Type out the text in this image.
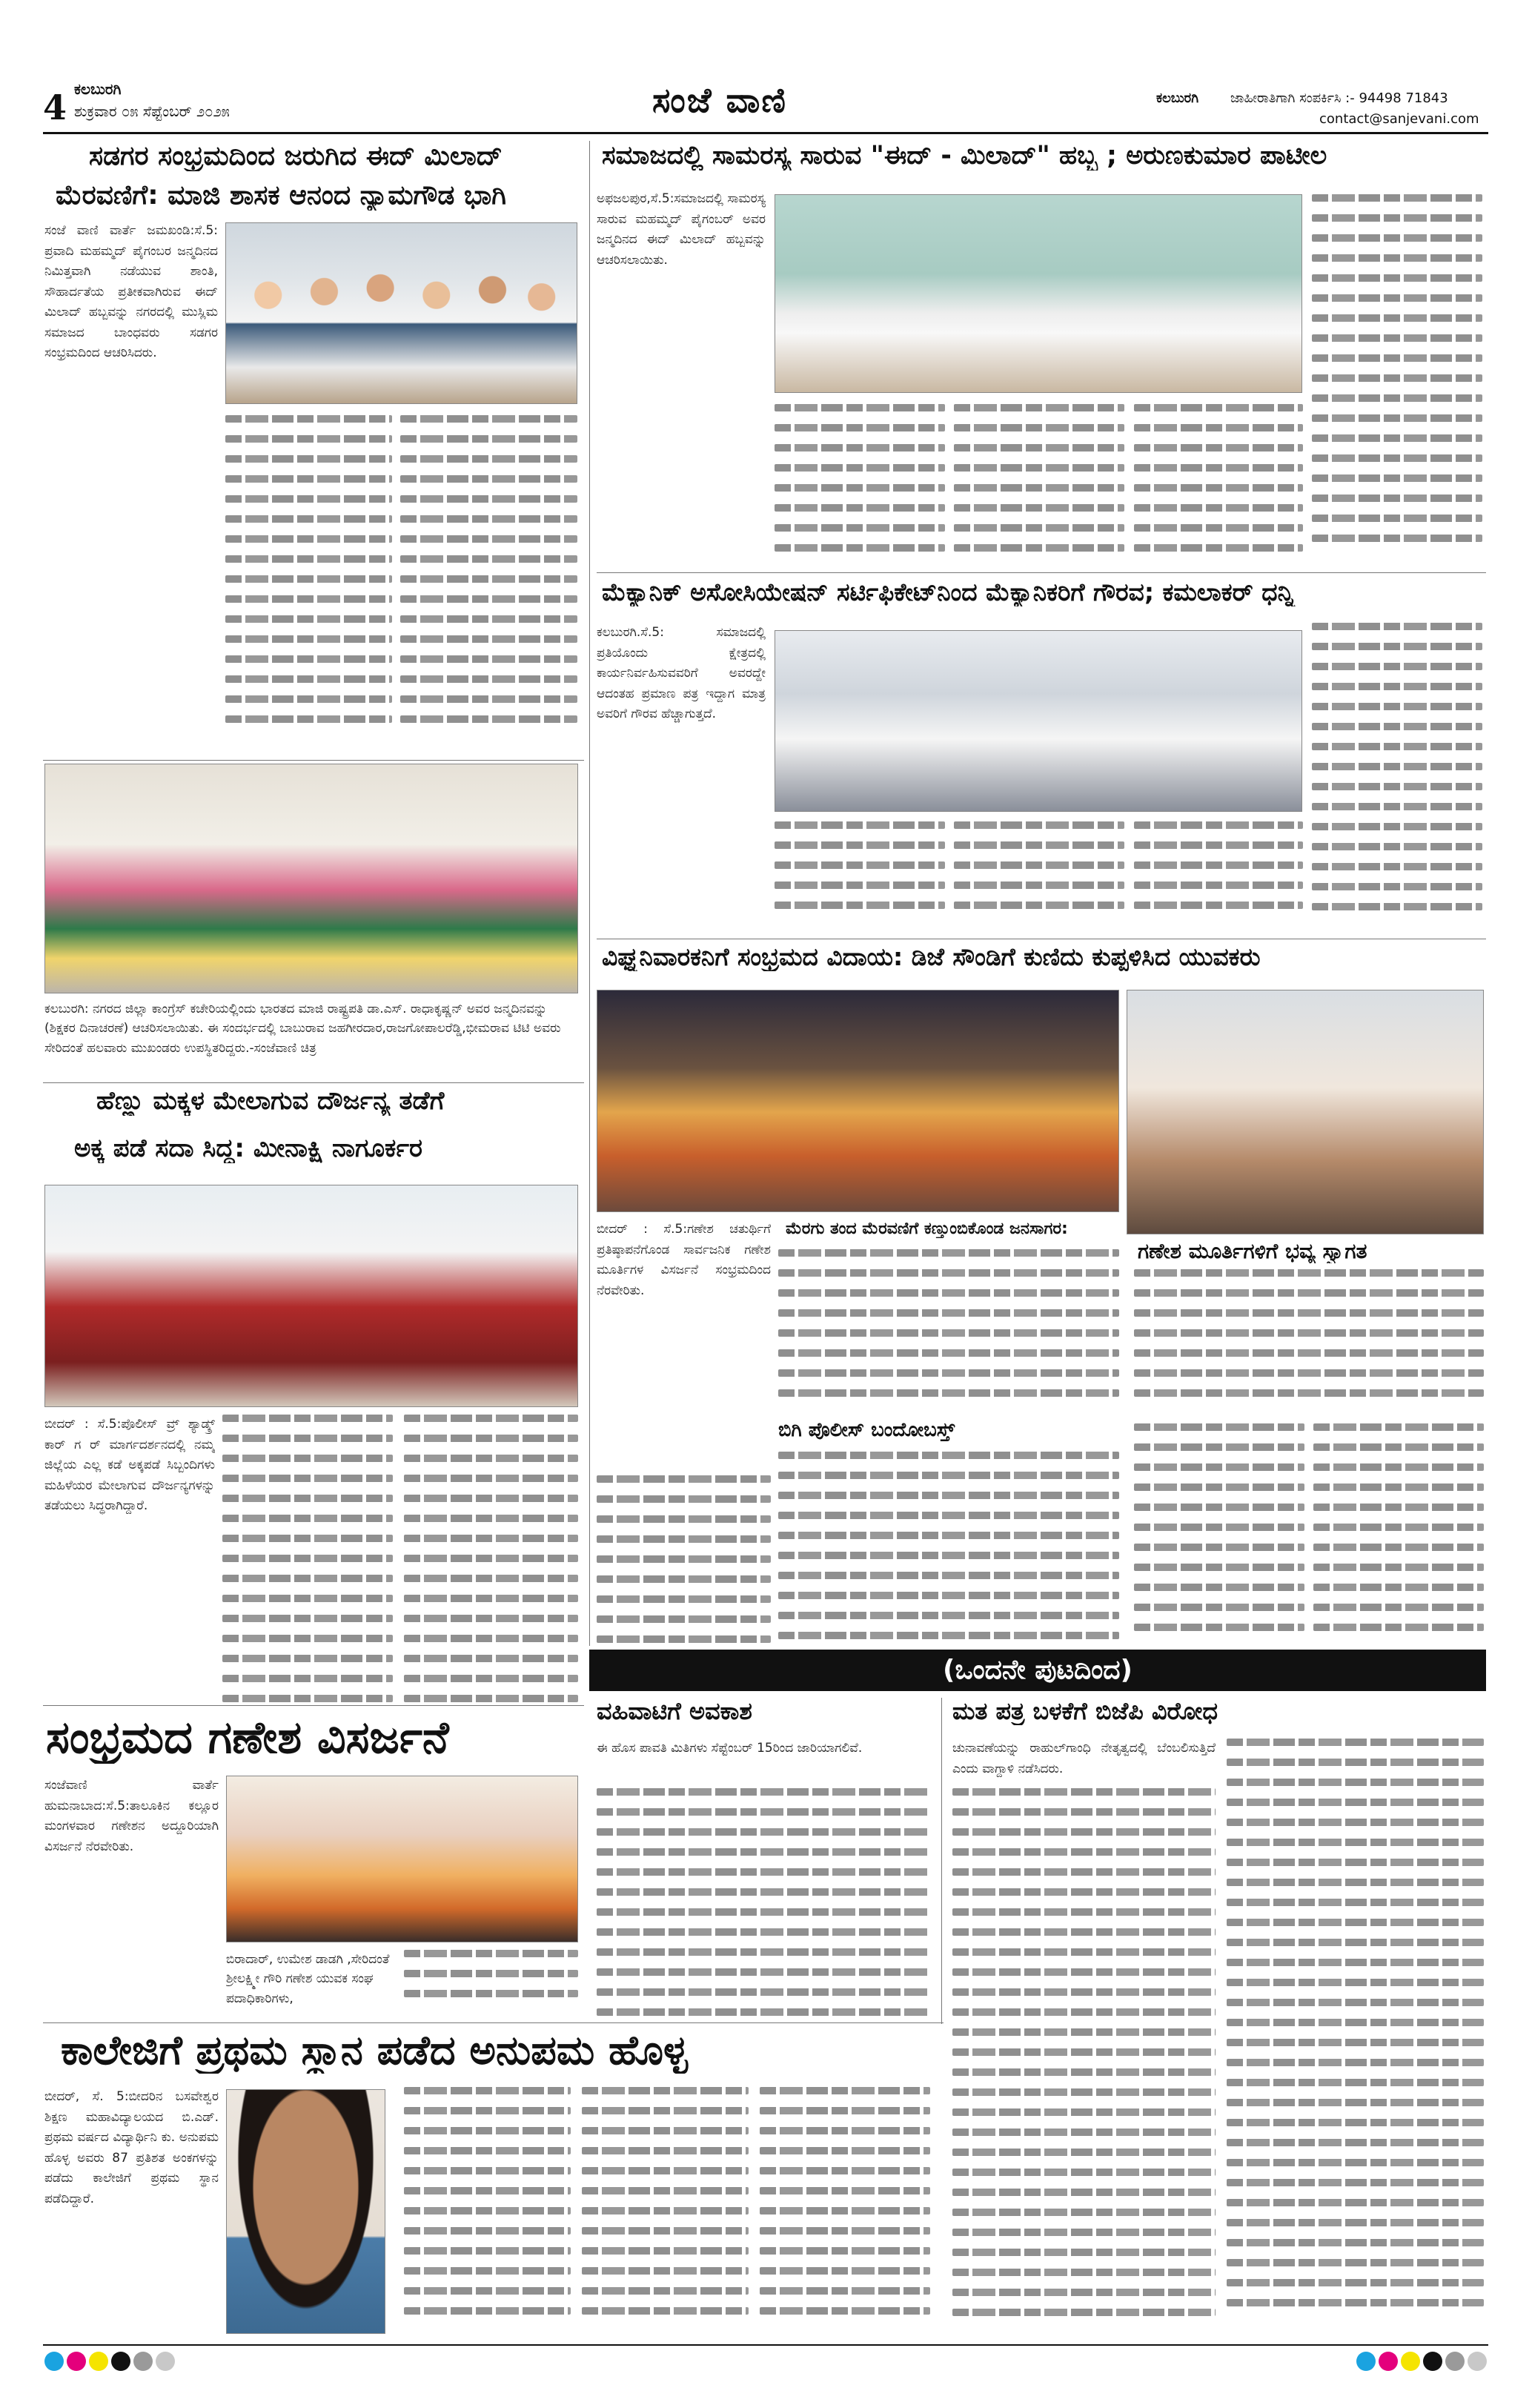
4 ಕಲಬುರಗಿ
ಶುಕ್ರವಾರ ೦೫ ಸೆಪ್ಟೆಂಬರ್ ೨೦೨೫	ಸಂಜೆ ವಾಣಿ	ಕಲಬುರಗಿ ಜಾಹೀರಾತಿಗಾಗಿ ಸಂಪರ್ಕಿಸಿ :- 94498 71843
contact@sanjevani.com
ಸಡಗರ ಸಂಭ್ರಮದಿಂದ ಜರುಗಿದ ಈದ್ ಮಿಲಾದ್
ಮೆರವಣಿಗೆ: ಮಾಜಿ ಶಾಸಕ ಆನಂದ ನ್ಯಾಮಗೌಡ ಭಾಗಿ
ಸಂಜೆ ವಾಣಿ ವಾರ್ತೆ ಜಮಖಂಡಿ:ಸೆ.5: ಪ್ರವಾದಿ ಮಹಮ್ಮದ್ ಪೈಗಂಬರ ಜನ್ಮದಿನದ ನಿಮಿತ್ತವಾಗಿ ನಡೆಯುವ ಶಾಂತಿ, ಸೌಹಾರ್ದತೆಯ ಪ್ರತೀಕವಾಗಿರುವ ಈದ್ ಮಿಲಾದ್ ಹಬ್ಬವನ್ನು ನಗರದಲ್ಲಿ ಮುಸ್ಲಿಮ ಸಮಾಜದ ಬಾಂಧವರು ಸಡಗರ ಸಂಭ್ರಮದಿಂದ ಆಚರಿಸಿದರು.
ಕಲಬುರಗಿ: ನಗರದ ಜಿಲ್ಲಾ ಕಾಂಗ್ರೆಸ್ ಕಚೇರಿಯಲ್ಲಿಂದು ಭಾರತದ ಮಾಜಿ ರಾಷ್ಟ್ರಪತಿ ಡಾ.ಎಸ್. ರಾಧಾಕೃಷ್ಣನ್ ಅವರ ಜನ್ಮದಿನವನ್ನು (ಶಿಕ್ಷಕರ ದಿನಾಚರಣೆ) ಆಚರಿಸಲಾಯಿತು. ಈ ಸಂದರ್ಭದಲ್ಲಿ ಬಾಬುರಾವ ಜಹಗೀರದಾರ,ರಾಜಗೋಪಾಲರೆಡ್ಡಿ,ಭೀಮರಾವ ಟಿಟಿ ಅವರು ಸೇರಿದಂತೆ ಹಲವಾರು ಮುಖಂಡರು ಉಪಸ್ಥಿತರಿದ್ದರು.-ಸಂಜೆವಾಣಿ ಚಿತ್ರ
ಹೆಣ್ಣು ಮಕ್ಕಳ ಮೇಲಾಗುವ ದೌರ್ಜನ್ಯ ತಡೆಗೆ
ಅಕ್ಕ ಪಡೆ ಸದಾ ಸಿದ್ದ: ಮೀನಾಕ್ಷಿ ನಾಗೂರ್ಕರ
ಬೀದರ್ : ಸೆ.5:ಪೊಲೀಸ್ ವ್ರ್ ಶ್ಯಾಡ್ಕ್ರ್ ಕಾರ್ ಗ ರ್ ಮಾರ್ಗದರ್ಶನದಲ್ಲಿ ನಮ್ಮ ಜಿಲ್ಲೆಯ ಎಲ್ಲ ಕಡೆ ಅಕ್ಕಪಡೆ ಸಿಬ್ಬಂದಿಗಳು ಮಹಿಳೆಯರ ಮೇಲಾಗುವ ದೌರ್ಜನ್ಯಗಳನ್ನು ತಡೆಯಲು ಸಿದ್ಧರಾಗಿದ್ದಾರೆ.
ಸಮಾಜದಲ್ಲಿ ಸಾಮರಸ್ಯ ಸಾರುವ "ಈದ್ - ಮಿಲಾದ್" ಹಬ್ಬ ; ಅರುಣಕುಮಾರ ಪಾಟೀಲ
ಅಫಜಲಪುರ,ಸೆ.5:ಸಮಾಜದಲ್ಲಿ ಸಾಮರಸ್ಯ ಸಾರುವ ಮಹಮ್ಮದ್ ಪೈಗಂಬರ್ ಅವರ ಜನ್ಮದಿನದ ಈದ್ ಮಿಲಾದ್ ಹಬ್ಬವನ್ನು ಆಚರಿಸಲಾಯಿತು.
ಮೆಕ್ಯಾನಿಕ್ ಅಸೋಸಿಯೇಷನ್ ಸರ್ಟಿಫಿಕೇಟ್‌ನಿಂದ ಮೆಕ್ಯಾನಿಕರಿಗೆ ಗೌರವ; ಕಮಲಾಕರ್ ಧನ್ನಿ
ಕಲಬುರಗಿ.ಸೆ.5: ಸಮಾಜದಲ್ಲಿ ಪ್ರತಿಯೊಂದು ಕ್ಷೇತ್ರದಲ್ಲಿ ಕಾರ್ಯನಿರ್ವಹಿಸುವವರಿಗೆ ಅವರದ್ದೇ ಆದಂತಹ ಪ್ರಮಾಣ ಪತ್ರ ಇದ್ದಾಗ ಮಾತ್ರ ಅವರಿಗೆ ಗೌರವ ಹೆಚ್ಚಾಗುತ್ತದೆ.
ವಿಘ್ನನಿವಾರಕನಿಗೆ ಸಂಭ್ರಮದ ವಿದಾಯ: ಡಿಜೆ ಸೌಂಡಿಗೆ ಕುಣಿದು ಕುಪ್ಪಳಿಸಿದ ಯುವಕರು
ಮೆರಗು ತಂದ ಮೆರವಣಿಗೆ ಕಣ್ತುಂಬಿಕೊಂಡ ಜನಸಾಗರ:
ಗಣೇಶ ಮೂರ್ತಿಗಳಿಗೆ ಭವ್ಯ ಸ್ವಾಗತ
ಬೀದರ್ : ಸೆ.5:ಗಣೇಶ ಚತುರ್ಥಿಗೆ ಪ್ರತಿಷ್ಠಾಪನೆಗೊಂಡ ಸಾರ್ವಜನಿಕ ಗಣೇಶ ಮೂರ್ತಿಗಳ ವಿಸರ್ಜನೆ ಸಂಭ್ರಮದಿಂದ ನೆರವೇರಿತು.
ಬಿಗಿ ಪೊಲೀಸ್ ಬಂದೋಬಸ್ತ್
(ಒಂದನೇ ಪುಟದಿಂದ)
ಸಂಭ್ರಮದ ಗಣೇಶ ವಿಸರ್ಜನೆ
ಸಂಜೆವಾಣಿ ವಾರ್ತೆ ಹುಮನಾಬಾದ:ಸೆ.5:ತಾಲೂಕಿನ ಕಲ್ಲೂರ ಮಂಗಳವಾರ ಗಣೇಶನ ಅದ್ದೂರಿಯಾಗಿ ವಿಸರ್ಜನೆ ನೆರವೇರಿತು.
ಬಿರಾದಾರ್, ಉಮೇಶ ಡಾಡಗಿ ,ಸೇರಿದಂತೆ ಶ್ರೀಲಕ್ಷ್ಮೀ ಗೌರಿ ಗಣೇಶ ಯುವಕ ಸಂಘ ಪದಾಧಿಕಾರಿಗಳು,
ವಹಿವಾಟಿಗೆ ಅವಕಾಶ
ಈ ಹೊಸ ಪಾವತಿ ಮಿತಿಗಳು ಸೆಪ್ಟೆಂಬರ್ 15ರಿಂದ ಜಾರಿಯಾಗಲಿವೆ.
ಮತ ಪತ್ರ ಬಳಕೆಗೆ ಬಿಜೆಪಿ ವಿರೋಧ
ಚುನಾವಣೆಯನ್ನು ರಾಹುಲ್‌ಗಾಂಧಿ ನೇತೃತ್ವದಲ್ಲಿ ಬೆಂಬಲಿಸುತ್ತಿದೆ ಎಂದು ವಾಗ್ದಾಳಿ ನಡೆಸಿದರು.
ಕಾಲೇಜಿಗೆ ಪ್ರಥಮ ಸ್ಥಾನ ಪಡೆದ ಅನುಪಮ ಹೊಳ್ಳ
ಬೀದರ್, ಸೆ. 5:ಬೀದರಿನ ಬಸವೇಶ್ವರ ಶಿಕ್ಷಣ ಮಹಾವಿದ್ಯಾಲಯದ ಬಿ.ಎಡ್. ಪ್ರಥಮ ವರ್ಷದ ವಿದ್ಯಾರ್ಥಿನಿ ಕು. ಅನುಪಮ ಹೊಳ್ಳ ಅವರು 87 ಪ್ರತಿಶತ ಅಂಕಗಳನ್ನು ಪಡೆದು ಕಾಲೇಜಿಗೆ ಪ್ರಥಮ ಸ್ಥಾನ ಪಡೆದಿದ್ದಾರೆ.
